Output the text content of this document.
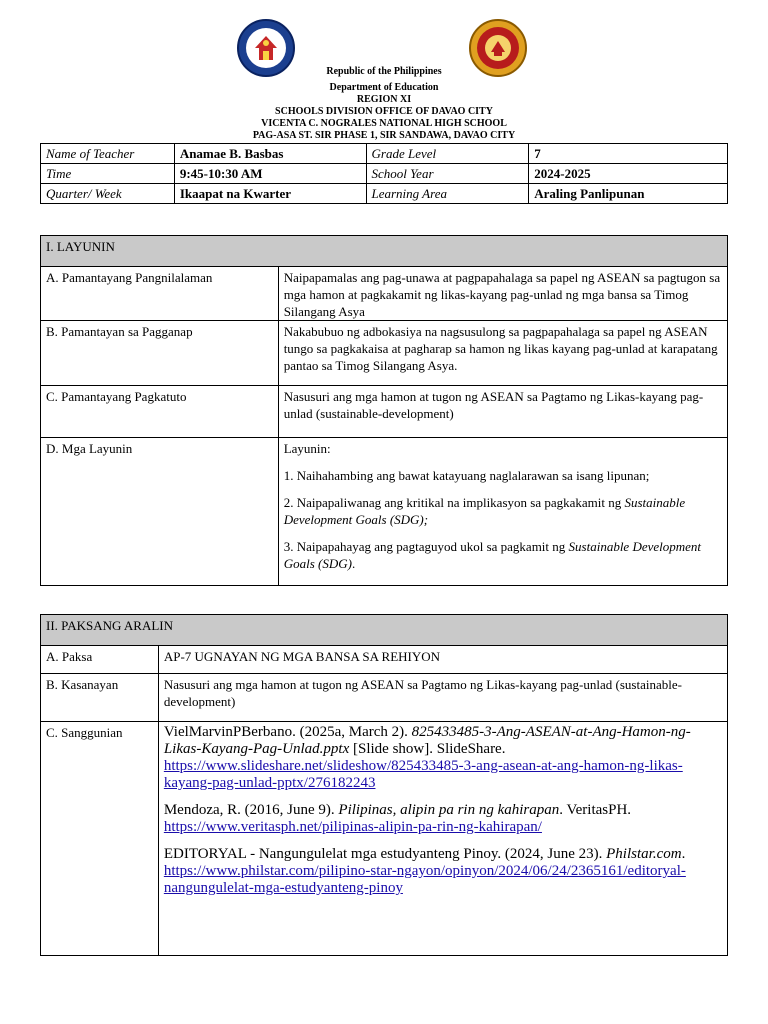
Republic of the Philippines
Department of Education
REGION XI
SCHOOLS DIVISION OFFICE OF DAVAO CITY
VICENTA C. NOGRALES NATIONAL HIGH SCHOOL
PAG-ASA ST. SIR PHASE 1, SIR SANDAWA, DAVAO CITY
Name of Teacher	Anamae B. Basbas	Grade Level	7
Time	9:45-10:30 AM	School Year	2024-2025
Quarter/ Week	Ikaapat na Kwarter	Learning Area	Araling Panlipunan
I. LAYUNIN	
A. Pamantayang Pangnilalaman	Naipapamalas ang pag-unawa at pagpapahalaga sa papel ng ASEAN sa pagtugon sa mga hamon at pagkakamit ng likas-kayang pag-unlad ng mga bansa sa Timog Silangang Asya
B. Pamantayan sa Pagganap	Nakabubuo ng adbokasiya na nagsusulong sa pagpapahalaga sa papel ng ASEAN tungo sa pagkakaisa at pagharap sa hamon ng likas kayang pag-unlad at karapatang pantao sa Timog Silangang Asya.
C. Pamantayang Pagkatuto	Nasusuri ang mga hamon at tugon ng ASEAN sa Pagtamo ng Likas-kayang pag-unlad (sustainable-development)
D. Mga Layunin	Layunin:

1. Naihahambing ang bawat katayuang naglalarawan sa isang lipunan;

2. Naipapaliwanag ang kritikal na implikasyon sa pagkakamit ng Sustainable Development Goals (SDG);

3. Naipapahayag ang pagtaguyod ukol sa pagkamit ng Sustainable Development Goals (SDG).

II. PAKSANG ARALIN	
A. Paksa	AP-7 UGNAYAN NG MGA BANSA SA REHIYON
B. Kasanayan	Nasusuri ang mga hamon at tugon ng ASEAN sa Pagtamo ng Likas-kayang pag-unlad (sustainable-development)
C. Sanggunian	VielMarvinPBerbano. (2025a, March 2). 825433485-3-Ang-ASEAN-at-Ang-Hamon-ng-Likas-Kayang-Pag-Unlad.pptx [Slide show]. SlideShare. https://www.slideshare.net/slideshow/825433485-3-ang-asean-at-ang-hamon-ng-likas-kayang-pag-unlad-pptx/276182243

Mendoza, R. (2016, June 9). Pilipinas, alipin pa rin ng kahirapan. VeritasPH. https://www.veritasph.net/pilipinas-alipin-pa-rin-ng-kahirapan/

EDITORYAL - Nangungulelat mga estudyanteng Pinoy. (2024, June 23). Philstar.com. https://www.philstar.com/pilipino-star-ngayon/opinyon/2024/06/24/2365161/editoryal-nangungulelat-mga-estudyanteng-pinoy
